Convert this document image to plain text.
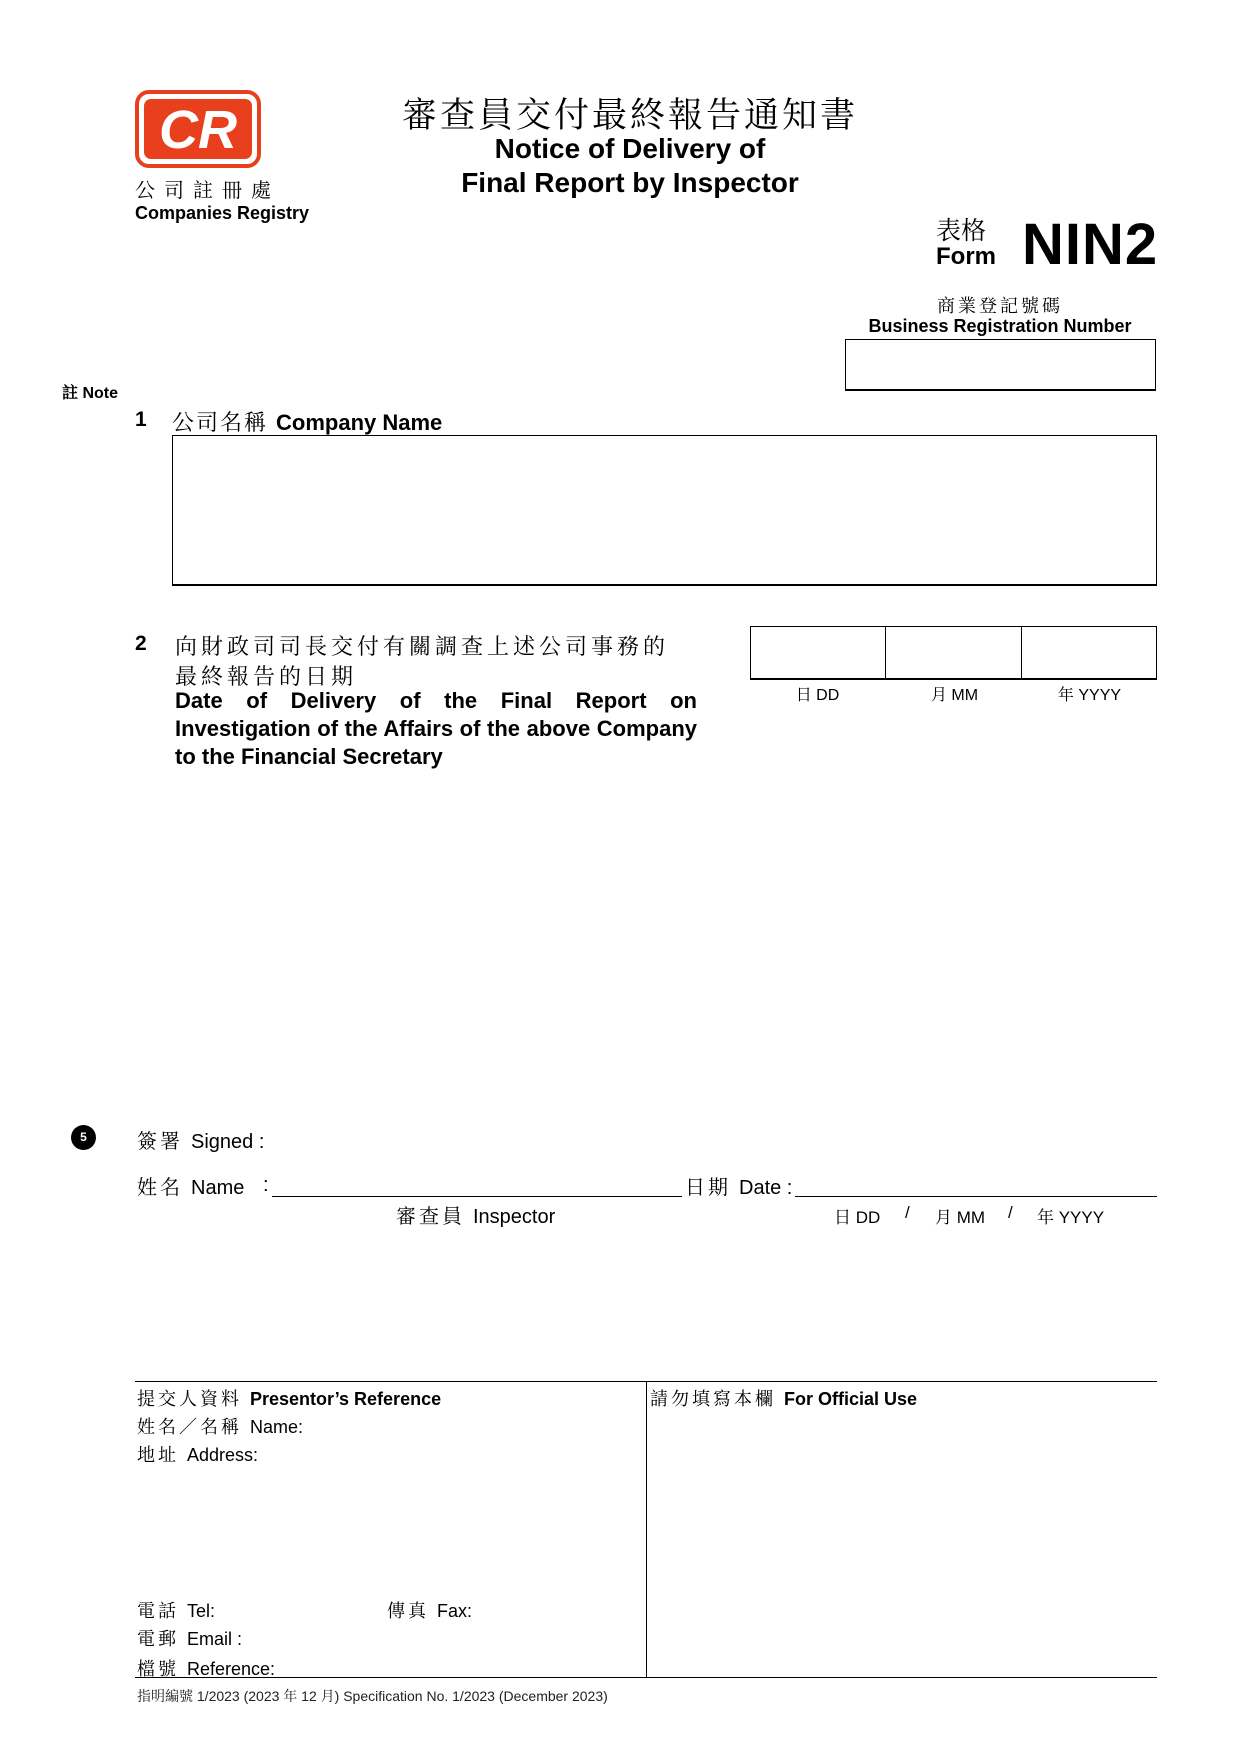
CR
公司註冊處
Companies Registry
審查員交付最終報告通知書
Notice of Delivery of
Final Report by Inspector
表格
Form NIN2
商業登記號碼
Business Registration Number
註 Note
1 公司名稱 Company Name
2 向財政司司長交付有關調查上述公司事務的
最終報告的日期
Date of Delivery of the Final Report on Investigation of the Affairs of the above Company to the Financial Secretary
日 DD	月 MM	年 YYYY
5	簽署 Signed :
姓名 Name :
審查員 Inspector
日期 Date :
日 DD / 月 MM / 年 YYYY
提交人資料 Presentor’s Reference
姓名／名稱 Name:
地址 Address:
電話 Tel:	傳真 Fax:
電郵 Email :
檔號 Reference:
請勿填寫本欄 For Official Use
指明編號 1/2023 (2023 年 12 月) Specification No. 1/2023 (December 2023)
